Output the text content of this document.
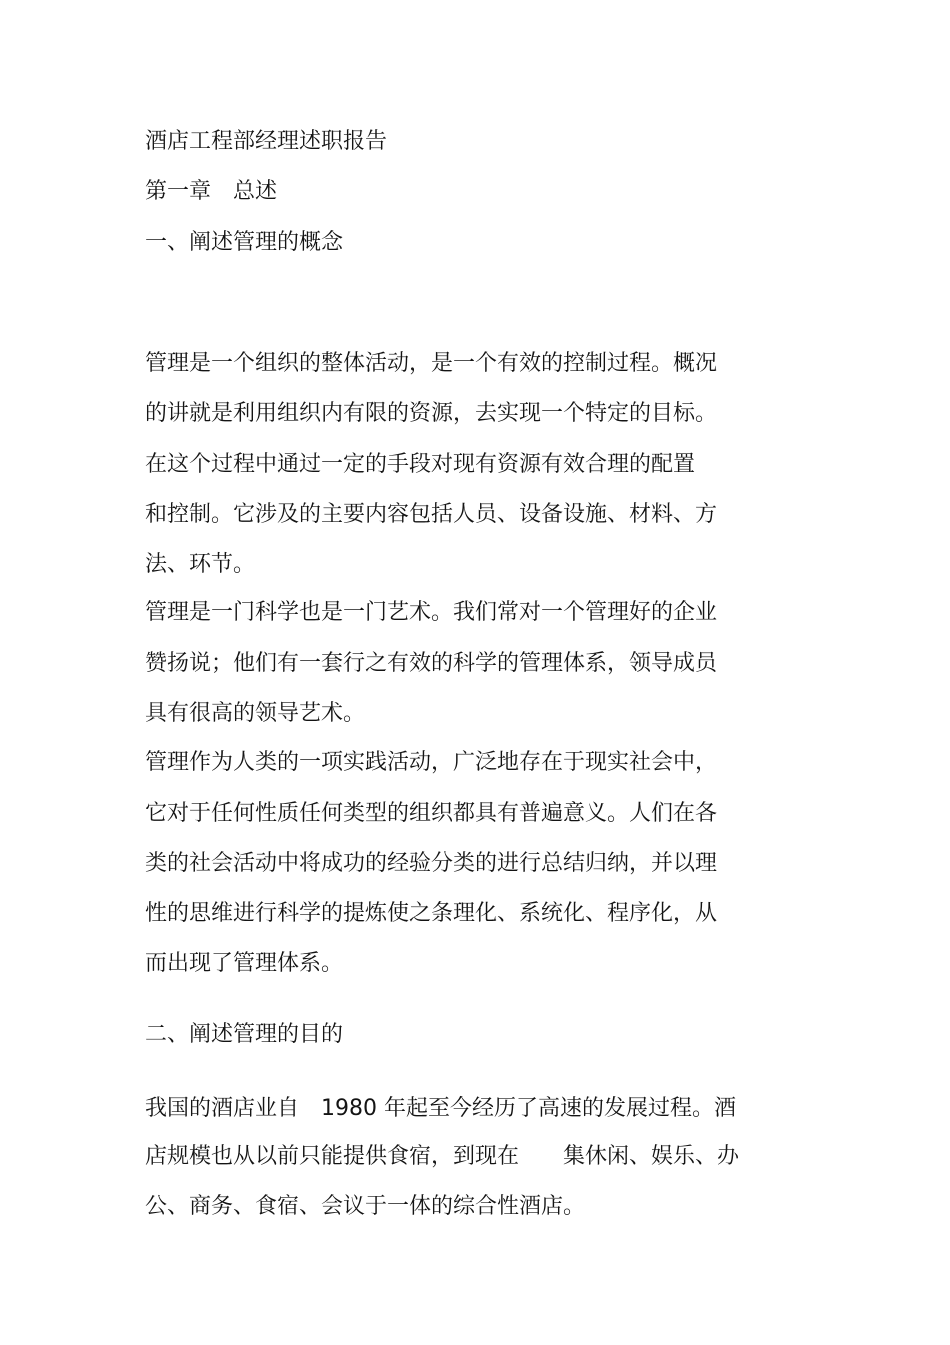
酒店工程部经理述职报告
第一章　总述
一、阐述管理的概念
管理是一个组织的整体活动，是一个有效的控制过程。概况
的讲就是利用组织内有限的资源，去实现一个特定的目标。
在这个过程中通过一定的手段对现有资源有效合理的配置
和控制。它涉及的主要内容包括人员、设备设施、材料、方
法、环节。
管理是一门科学也是一门艺术。我们常对一个管理好的企业
赞扬说；他们有一套行之有效的科学的管理体系，领导成员
具有很高的领导艺术。
管理作为人类的一项实践活动，广泛地存在于现实社会中，
它对于任何性质任何类型的组织都具有普遍意义。人们在各
类的社会活动中将成功的经验分类的进行总结归纳，并以理
性的思维进行科学的提炼使之条理化、系统化、程序化，从
而出现了管理体系。
二、阐述管理的目的
我国的酒店业自　1980 年起至今经历了高速的发展过程。酒
店规模也从以前只能提供食宿，到现在　　集休闲、娱乐、办
公、商务、食宿、会议于一体的综合性酒店。
